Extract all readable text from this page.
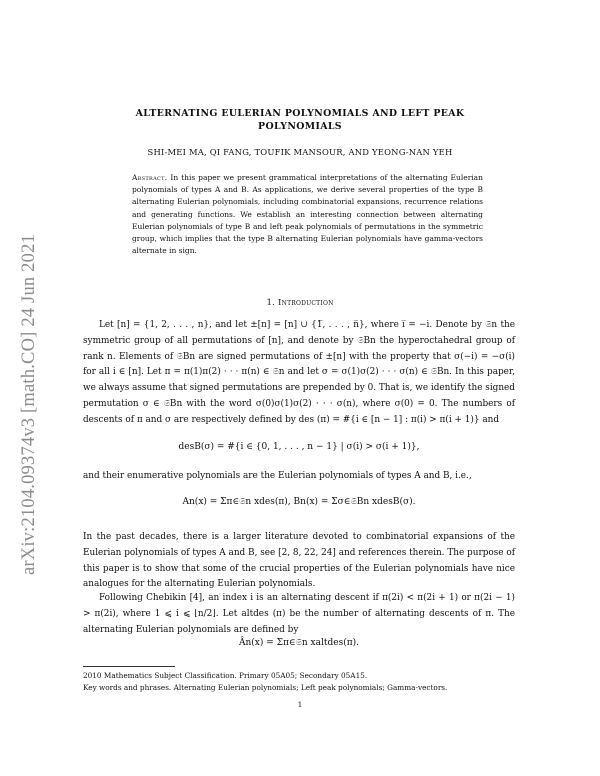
arXiv:2104.09374v3 [math.CO] 24 Jun 2021
ALTERNATING EULERIAN POLYNOMIALS AND LEFT PEAK POLYNOMIALS
SHI-MEI MA, QI FANG, TOUFIK MANSOUR, AND YEONG-NAN YEH
Abstract. In this paper we present grammatical interpretations of the alternating Eulerian polynomials of types A and B. As applications, we derive several properties of the type B alternating Eulerian polynomials, including combinatorial expansions, recurrence relations and generating functions. We establish an interesting connection between alternating Eulerian polynomials of type B and left peak polynomials of permutations in the symmetric group, which implies that the type B alternating Eulerian polynomials have gamma-vectors alternate in sign.
1. Introduction
Let [n] = {1, 2, . . . , n}, and let ±[n] = [n] ∪ {1̅, . . . , n̅}, where i̅ = −i. Denote by 𝔖n the symmetric group of all permutations of [n], and denote by 𝔖Bn the hyperoctahedral group of rank n. Elements of 𝔖Bn are signed permutations of ±[n] with the property that σ(−i) = −σ(i) for all i ∈ [n]. Let π = π(1)π(2) · · · π(n) ∈ 𝔖n and let σ = σ(1)σ(2) · · · σ(n) ∈ 𝔖Bn. In this paper, we always assume that signed permutations are prepended by 0. That is, we identify the signed permutation σ ∈ 𝔖Bn with the word σ(0)σ(1)σ(2) · · · σ(n), where σ(0) = 0. The numbers of descents of π and σ are respectively defined by des (π) = #{i ∈ [n − 1] : π(i) > π(i + 1)} and
desB(σ) = #{i ∈ {0, 1, . . . , n − 1} | σ(i) > σ(i + 1)},
and their enumerative polynomials are the Eulerian polynomials of types A and B, i.e.,
An(x) = Σπ∈𝔖n xdes(π), Bn(x) = Σσ∈𝔖Bn xdesB(σ).
In the past decades, there is a larger literature devoted to combinatorial expansions of the Eulerian polynomials of types A and B, see [2, 8, 22, 24] and references therein. The purpose of this paper is to show that some of the crucial properties of the Eulerian polynomials have nice analogues for the alternating Eulerian polynomials.
Following Chebikin [4], an index i is an alternating descent if π(2i) < π(2i + 1) or π(2i − 1) > π(2i), where 1 ⩽ i ⩽ ⌊n/2⌋. Let altdes (π) be the number of alternating descents of π. The alternating Eulerian polynomials are defined by
Ân(x) = Σπ∈𝔖n xaltdes(π).
2010 Mathematics Subject Classification. Primary 05A05; Secondary 05A15.
Key words and phrases. Alternating Eulerian polynomials; Left peak polynomials; Gamma-vectors.
1
